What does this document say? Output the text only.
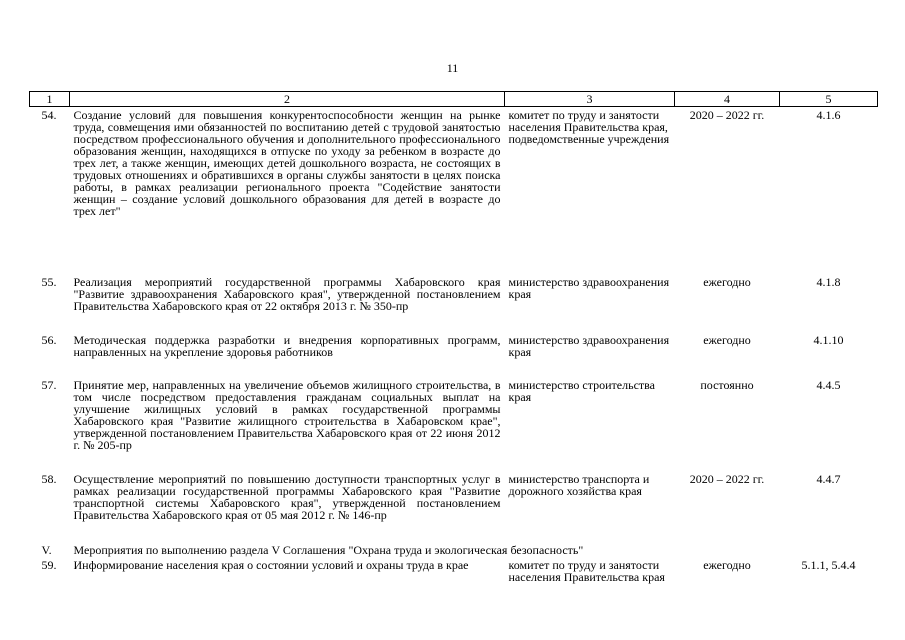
11
1	2	3	4	5
54.	Создание условий для повышения конкурентоспособности женщин на рынке труда, совмещения ими обязанностей по воспитанию детей с трудовой занятостью посредством профессионального обучения и дополнительного профессионального образования женщин, находящихся в отпуске по уходу за ребенком в возрасте до трех лет, а также женщин, имеющих детей дошкольного возраста, не состоящих в трудовых отношениях и обратившихся в органы службы занятости в целях поиска работы, в рамках реализации регионального проекта "Содействие занятости женщин – создание условий дошкольного образования для детей в возрасте до трех лет"	комитет по труду и занятости населения Правительства края, подведомственные учреждения	2020 – 2022 гг.	4.1.6
55.	Реализация мероприятий государственной программы Хабаровского края "Развитие здравоохранения Хабаровского края", утвержденной постановлением Правительства Хабаровского края от 22 октября 2013 г. № 350-пр	министерство здравоохранения края	ежегодно	4.1.8
56.	Методическая поддержка разработки и внедрения корпоративных программ, направленных на укрепление здоровья работников	министерство здравоохранения края	ежегодно	4.1.10
57.	Принятие мер, направленных на увеличение объемов жилищного строительства, в том числе посредством предоставления гражданам социальных выплат на улучшение жилищных условий в рамках государственной программы Хабаровского края "Развитие жилищного строительства в Хабаровском крае", утвержденной постановлением Правительства Хабаровского края от 22 июня 2012 г. № 205-пр	министерство строительства края	постоянно	4.4.5
58.	Осуществление мероприятий по повышению доступности транспортных услуг в рамках реализации государственной программы Хабаровского края "Развитие транспортной системы Хабаровского края", утвержденной постановлением Правительства Хабаровского края от 05 мая 2012 г. № 146-пр	министерство транспорта и дорожного хозяйства края	2020 – 2022 гг.	4.4.7
V.	Мероприятия по выполнению раздела V Соглашения "Охрана труда и экологическая безопасность"			
59.	Информирование населения края о состоянии условий и охраны труда в крае	комитет по труду и занятости населения Правительства края	ежегодно	5.1.1, 5.4.4
